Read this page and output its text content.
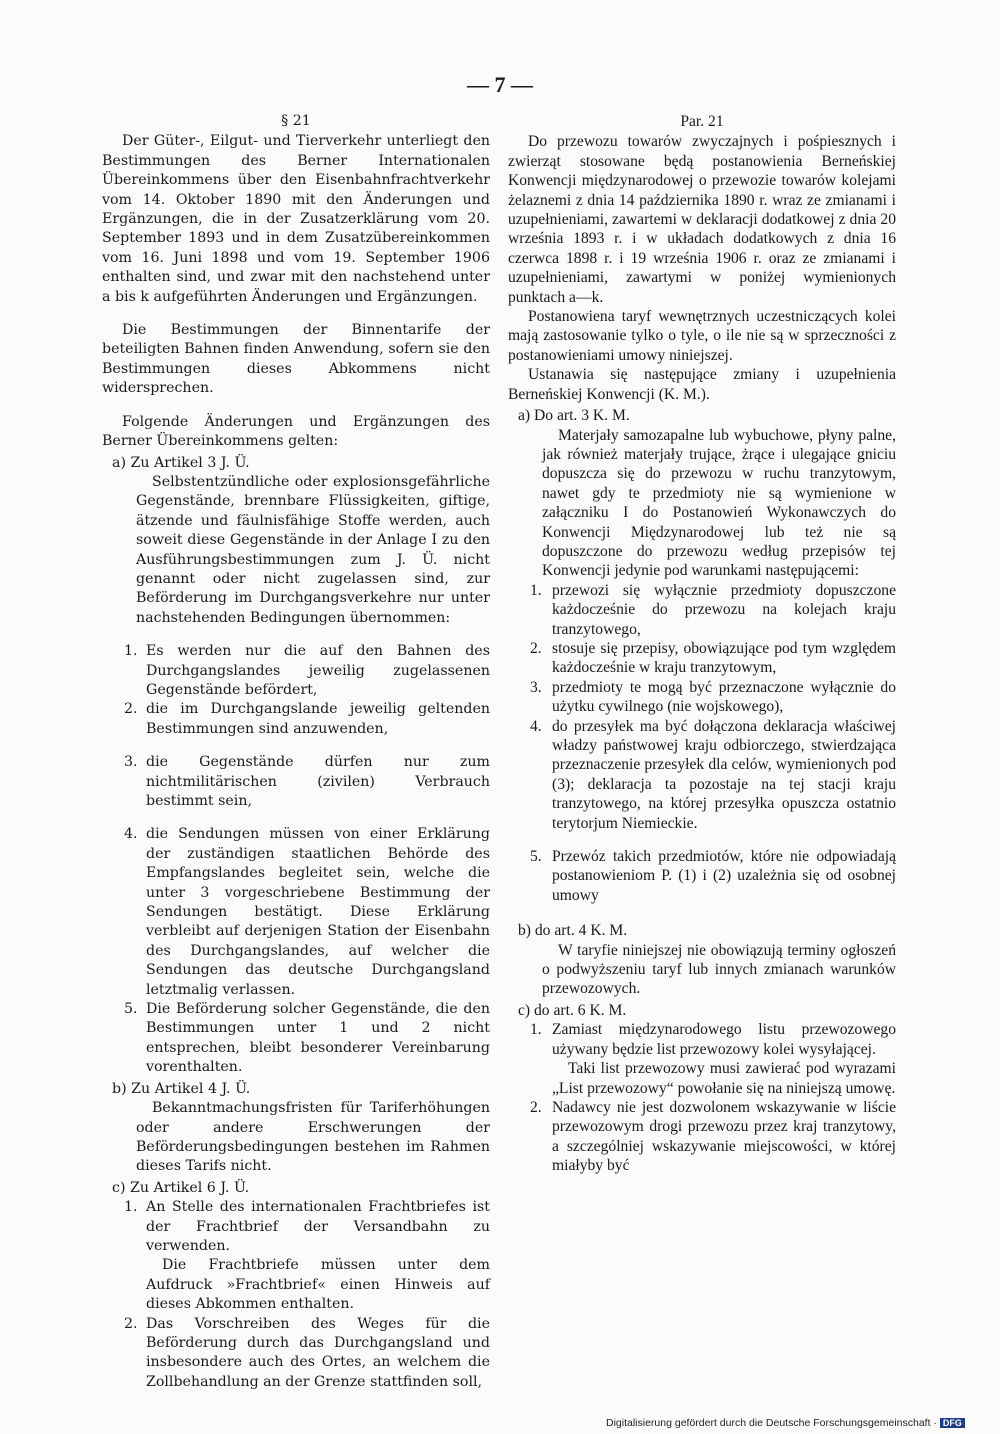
— 7 —
§ 21

Der Güter-, Eilgut- und Tierverkehr unterliegt den Bestimmungen des Berner Internationalen Übereinkommens über den Eisenbahnfrachtverkehr vom 14. Oktober 1890 mit den Änderungen und Ergänzungen, die in der Zusatzerklärung vom 20. September 1893 und in dem Zusatzübereinkommen vom 16. Juni 1898 und vom 19. September 1906 enthalten sind, und zwar mit den nachstehend unter a bis k aufgeführten Änderungen und Ergänzungen.

Die Bestimmungen der Binnentarife der beteiligten Bahnen finden Anwendung, sofern sie den Bestimmungen dieses Abkommens nicht widersprechen.

Folgende Änderungen und Ergänzungen des Berner Übereinkommens gelten:

a) Zu Artikel 3 J. Ü.

Selbstentzündliche oder explosionsgefährliche Gegenstände, brennbare Flüssigkeiten, giftige, ätzende und fäulnisfähige Stoffe werden, auch soweit diese Gegenstände in der Anlage I zu den Ausführungsbestimmungen zum J. Ü. nicht genannt oder nicht zugelassen sind, zur Beförderung im Durchgangsverkehre nur unter nachstehenden Bedingungen übernommen:

1. Es werden nur die auf den Bahnen des Durchgangslandes jeweilig zugelassenen Gegenstände befördert,
2. die im Durchgangslande jeweilig geltenden Bestimmungen sind anzuwenden,
3. die Gegenstände dürfen nur zum nichtmilitärischen (zivilen) Verbrauch bestimmt sein,
4. die Sendungen müssen von einer Erklärung der zuständigen staatlichen Behörde des Empfangslandes begleitet sein, welche die unter 3 vorgeschriebene Bestimmung der Sendungen bestätigt. Diese Erklärung verbleibt auf derjenigen Station der Eisenbahn des Durchgangslandes, auf welcher die Sendungen das deutsche Durchgangsland letztmalig verlassen.
5. Die Beförderung solcher Gegenstände, die den Bestimmungen unter 1 und 2 nicht entsprechen, bleibt besonderer Vereinbarung vorenthalten.
b) Zu Artikel 4 J. Ü.

Bekanntmachungsfristen für Tariferhöhungen oder andere Erschwerungen der Beförderungsbedingungen bestehen im Rahmen dieses Tarifs nicht.

c) Zu Artikel 6 J. Ü.
1. An Stelle des internationalen Frachtbriefes ist der Frachtbrief der Versandbahn zu verwenden.

Die Frachtbriefe müssen unter dem Aufdruck »Frachtbrief« einen Hinweis auf dieses Abkommen enthalten.

2. Das Vorschreiben des Weges für die Beförderung durch das Durchgangsland und insbesondere auch des Ortes, an welchem die Zollbehandlung an der Grenze stattfinden soll,
Par. 21

Do przewozu towarów zwyczajnych i pośpiesznych i zwierząt stosowane będą postanowienia Berneńskiej Konwencji międzynarodowej o przewozie towarów kolejami żelaznemi z dnia 14 października 1890 r. wraz ze zmianami i uzupełnieniami, zawartemi w deklaracji dodatkowej z dnia 20 września 1893 r. i w układach dodatkowych z dnia 16 czerwca 1898 r. i 19 września 1906 r. oraz ze zmianami i uzupełnieniami, zawartymi w poniżej wymienionych punktach a—k.

Postanowiena taryf wewnętrznych uczestniczących kolei mają zastosowanie tylko o tyle, o ile nie są w sprzeczności z postanowieniami umowy niniejszej.

Ustanawia się następujące zmiany i uzupełnienia Berneńskiej Konwencji (K. M.).

a) Do art. 3 K. M.

Materjały samozapalne lub wybuchowe, płyny palne, jak również materjały trujące, żrące i ulegające gniciu dopuszcza się do przewozu w ruchu tranzytowym, nawet gdy te przedmioty nie są wymienione w załączniku I do Postanowień Wykonawczych do Konwencji Międzynarodowej lub też nie są dopuszczone do przewozu według przepisów tej Konwencji jedynie pod warunkami następującemi:

1. przewozi się wyłącznie przedmioty dopuszczone każdocześnie do przewozu na kolejach kraju tranzytowego,
2. stosuje się przepisy, obowiązujące pod tym względem każdocześnie w kraju tranzytowym,
3. przedmioty te mogą być przeznaczone wyłącznie do użytku cywilnego (nie wojskowego),
4. do przesyłek ma być dołączona deklaracja właściwej władzy państwowej kraju odbiorczego, stwierdzająca przeznaczenie przesyłek dla celów, wymienionych pod (3); deklaracja ta pozostaje na tej stacji kraju tranzytowego, na której przesyłka opuszcza ostatnio terytorjum Niemieckie.
5. Przewóz takich przedmiotów, które nie odpowiadają postanowieniom P. (1) i (2) uzależnia się od osobnej umowy
b) do art. 4 K. M.

W taryfie niniejszej nie obowiązują terminy ogłoszeń o podwyższeniu taryf lub innych zmianach warunków przewozowych.

c) do art. 6 K. M.
1. Zamiast międzynarodowego listu przewozowego używany będzie list przewozowy kolei wysyłającej.

Taki list przewozowy musi zawierać pod wyrazami „List przewozowy“ powołanie się na niniejszą umowę.

2. Nadawcy nie jest dozwolonem wskazywanie w liście przewozowym drogi przewozu przez kraj tranzytowy, a szczególniej wskazywanie miejscowości, w której miałyby być
Digitalisierung gefördert durch die Deutsche Forschungsgemeinschaft · DFG
